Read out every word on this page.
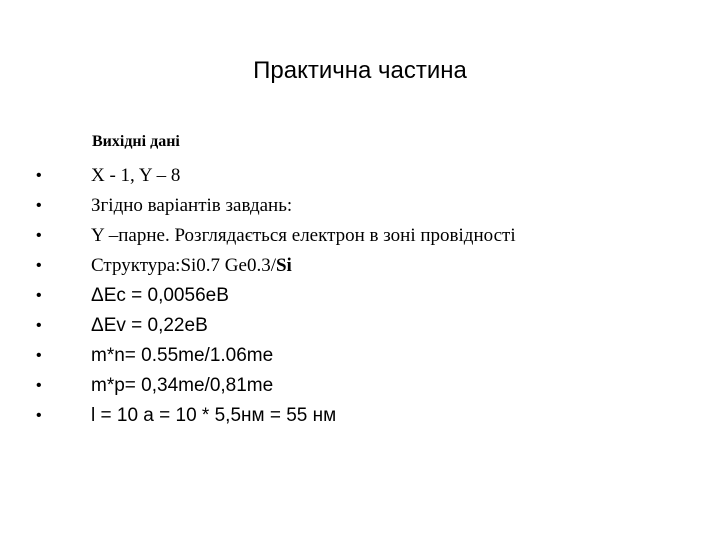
Практична частина
Вихідні дані
•	X - 1, Y – 8
•	Згідно варіантів завдань:
•	Y –парне. Розглядається електрон в зоні провідності
•	Структура:Si0.7 Ge0.3/Si
•	ΔEc = 0,0056еВ
•	ΔEv = 0,22еВ
•	m*n= 0.55me/1.06me
•	m*p= 0,34me/0,81me
•	l = 10 a = 10 * 5,5нм = 55 нм
